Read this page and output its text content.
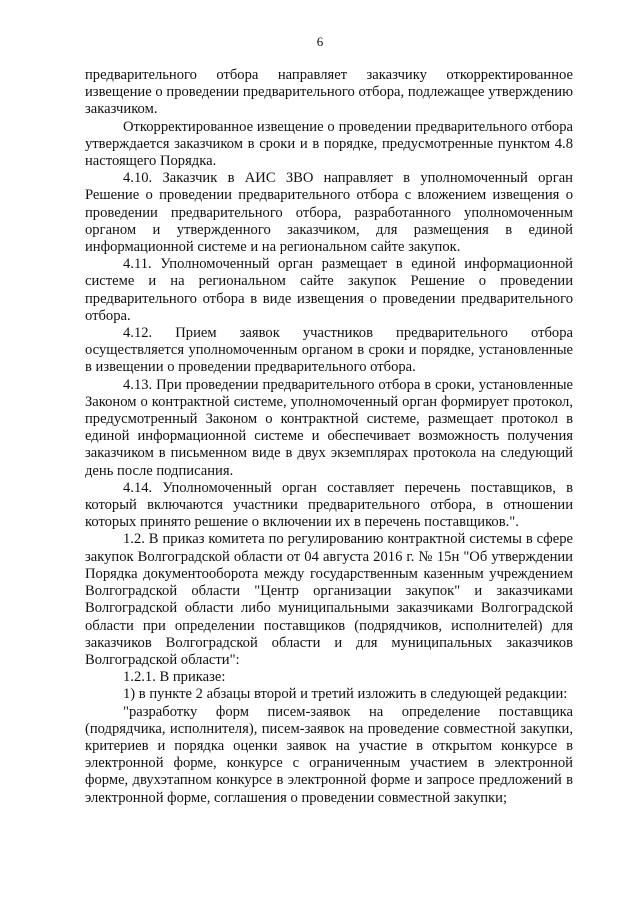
6

предварительного отбора направляет заказчику откорректированное извещение о проведении предварительного отбора, подлежащее утверждению заказчиком.

Откорректированное извещение о проведении предварительного отбора утверждается заказчиком в сроки и в порядке, предусмотренные пунктом 4.8 настоящего Порядка.

4.10. Заказчик в АИС ЗВО направляет в уполномоченный орган Решение о проведении предварительного отбора с вложением извещения о проведении предварительного отбора, разработанного уполномоченным органом и утвержденного заказчиком, для размещения в единой информационной системе и на региональном сайте закупок.

4.11. Уполномоченный орган размещает в единой информационной системе и на региональном сайте закупок Решение о проведении предварительного отбора в виде извещения о проведении предварительного отбора.

4.12. Прием заявок участников предварительного отбора осуществляется уполномоченным органом в сроки и порядке, установленные в извещении о проведении предварительного отбора.

4.13. При проведении предварительного отбора в сроки, установленные Законом о контрактной системе, уполномоченный орган формирует протокол, предусмотренный Законом о контрактной системе, размещает протокол в единой информационной системе и обеспечивает возможность получения заказчиком в письменном виде в двух экземплярах протокола на следующий день после подписания.

4.14. Уполномоченный орган составляет перечень поставщиков, в который включаются участники предварительного отбора, в отношении которых принято решение о включении их в перечень поставщиков.".

1.2. В приказ комитета по регулированию контрактной системы в сфере закупок Волгоградской области от 04 августа 2016 г. № 15н "Об утверждении Порядка документооборота между государственным казенным учреждением Волгоградской области "Центр организации закупок" и заказчиками Волгоградской области либо муниципальными заказчиками Волгоградской области при определении поставщиков (подрядчиков, исполнителей) для заказчиков Волгоградской области и для муниципальных заказчиков Волгоградской области":

1.2.1. В приказе:

1) в пункте 2 абзацы второй и третий изложить в следующей редакции:

"разработку форм писем-заявок на определение поставщика (подрядчика, исполнителя), писем-заявок на проведение совместной закупки, критериев и порядка оценки заявок на участие в открытом конкурсе в электронной форме, конкурсе с ограниченным участием в электронной форме, двухэтапном конкурсе в электронной форме и запросе предложений в электронной форме, соглашения о проведении совместной закупки;
